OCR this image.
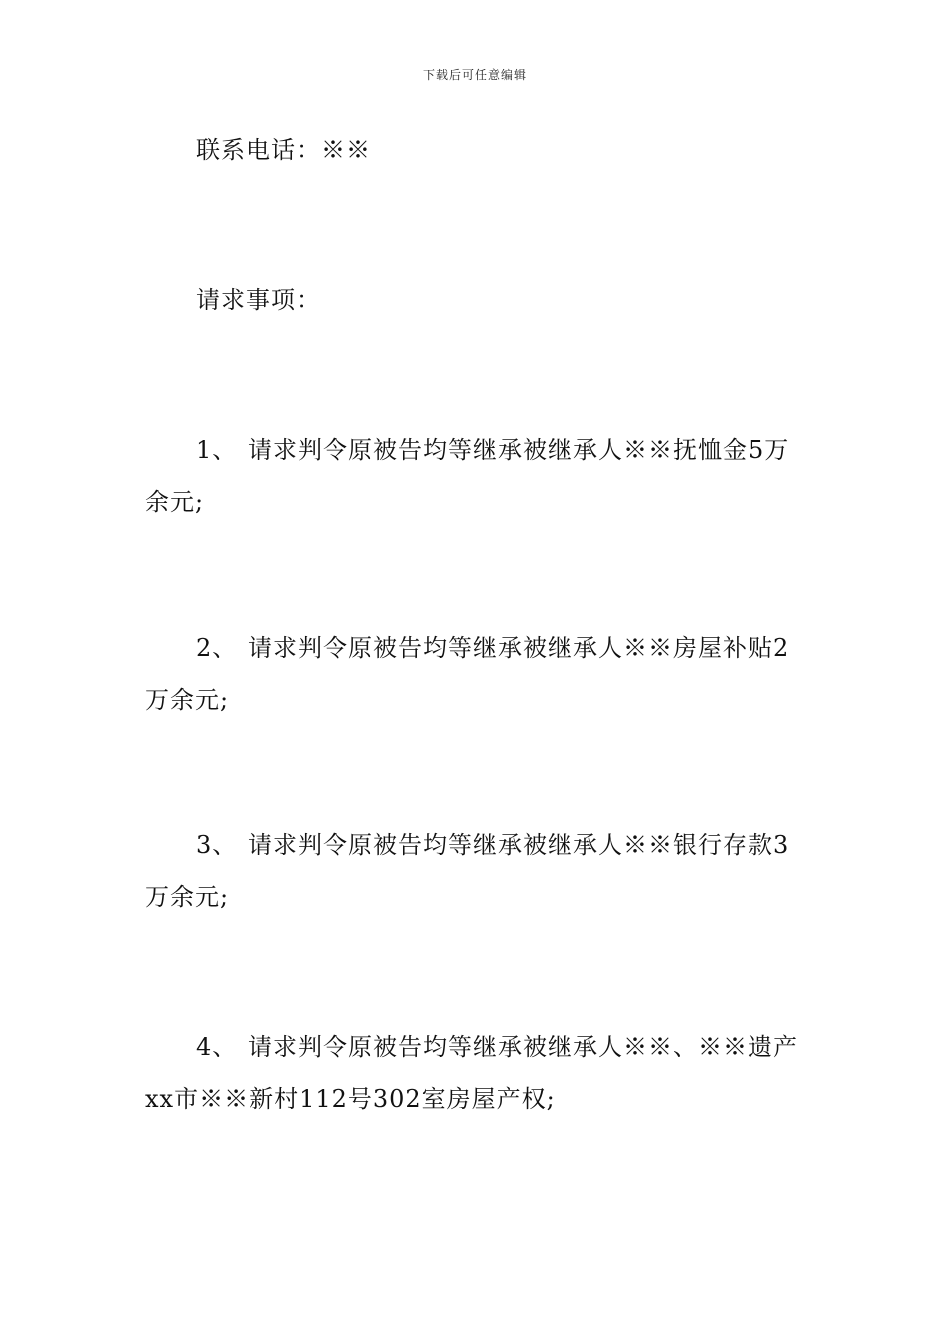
下载后可任意编辑
联系电话：※※
请求事项：
1、 请求判令原被告均等继承被继承人※※抚恤金5万余元;
2、 请求判令原被告均等继承被继承人※※房屋补贴2万余元;
3、 请求判令原被告均等继承被继承人※※银行存款3万余元;
4、 请求判令原被告均等继承被继承人※※、※※遗产xx市※※新村112号302室房屋产权;
